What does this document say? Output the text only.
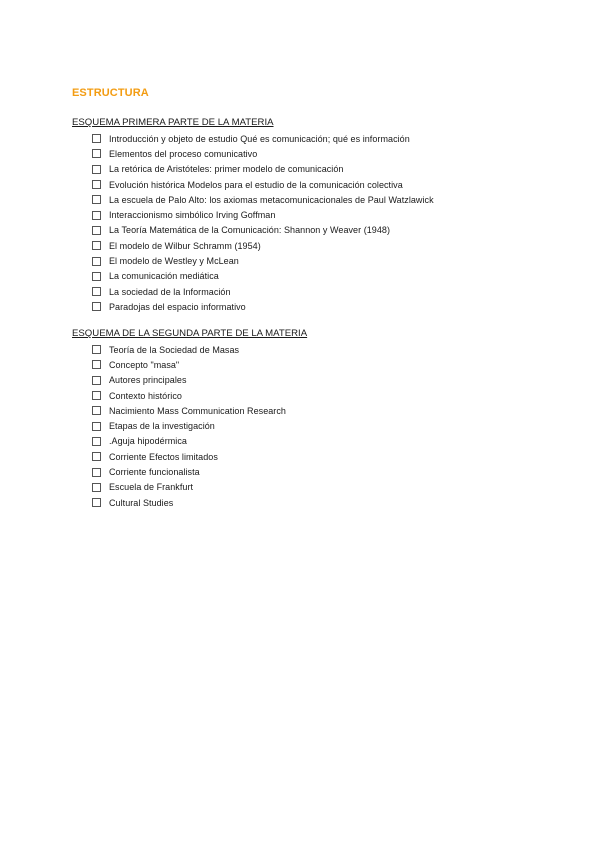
ESTRUCTURA
ESQUEMA PRIMERA PARTE DE LA MATERIA
Introducción y objeto de estudio Qué es comunicación; qué es información
Elementos del proceso comunicativo
La retórica de Aristóteles: primer modelo de comunicación
Evolución histórica Modelos para el estudio de la comunicación colectiva
La escuela de Palo Alto: los axiomas metacomunicacionales de Paul Watzlawick
Interaccionismo simbólico Irving Goffman
La Teoría Matemática de la Comunicación: Shannon y Weaver (1948)
El modelo de Wilbur Schramm (1954)
El modelo de Westley y McLean
La comunicación mediática
La sociedad de la Información
Paradojas del espacio informativo
ESQUEMA DE LA SEGUNDA PARTE DE LA MATERIA
Teoría de la Sociedad de Masas
Concepto "masa"
Autores principales
Contexto histórico
Nacimiento Mass Communication Research
Etapas de la investigación
.Aguja hipodérmica
Corriente Efectos limitados
Corriente funcionalista
Escuela de Frankfurt
Cultural Studies
